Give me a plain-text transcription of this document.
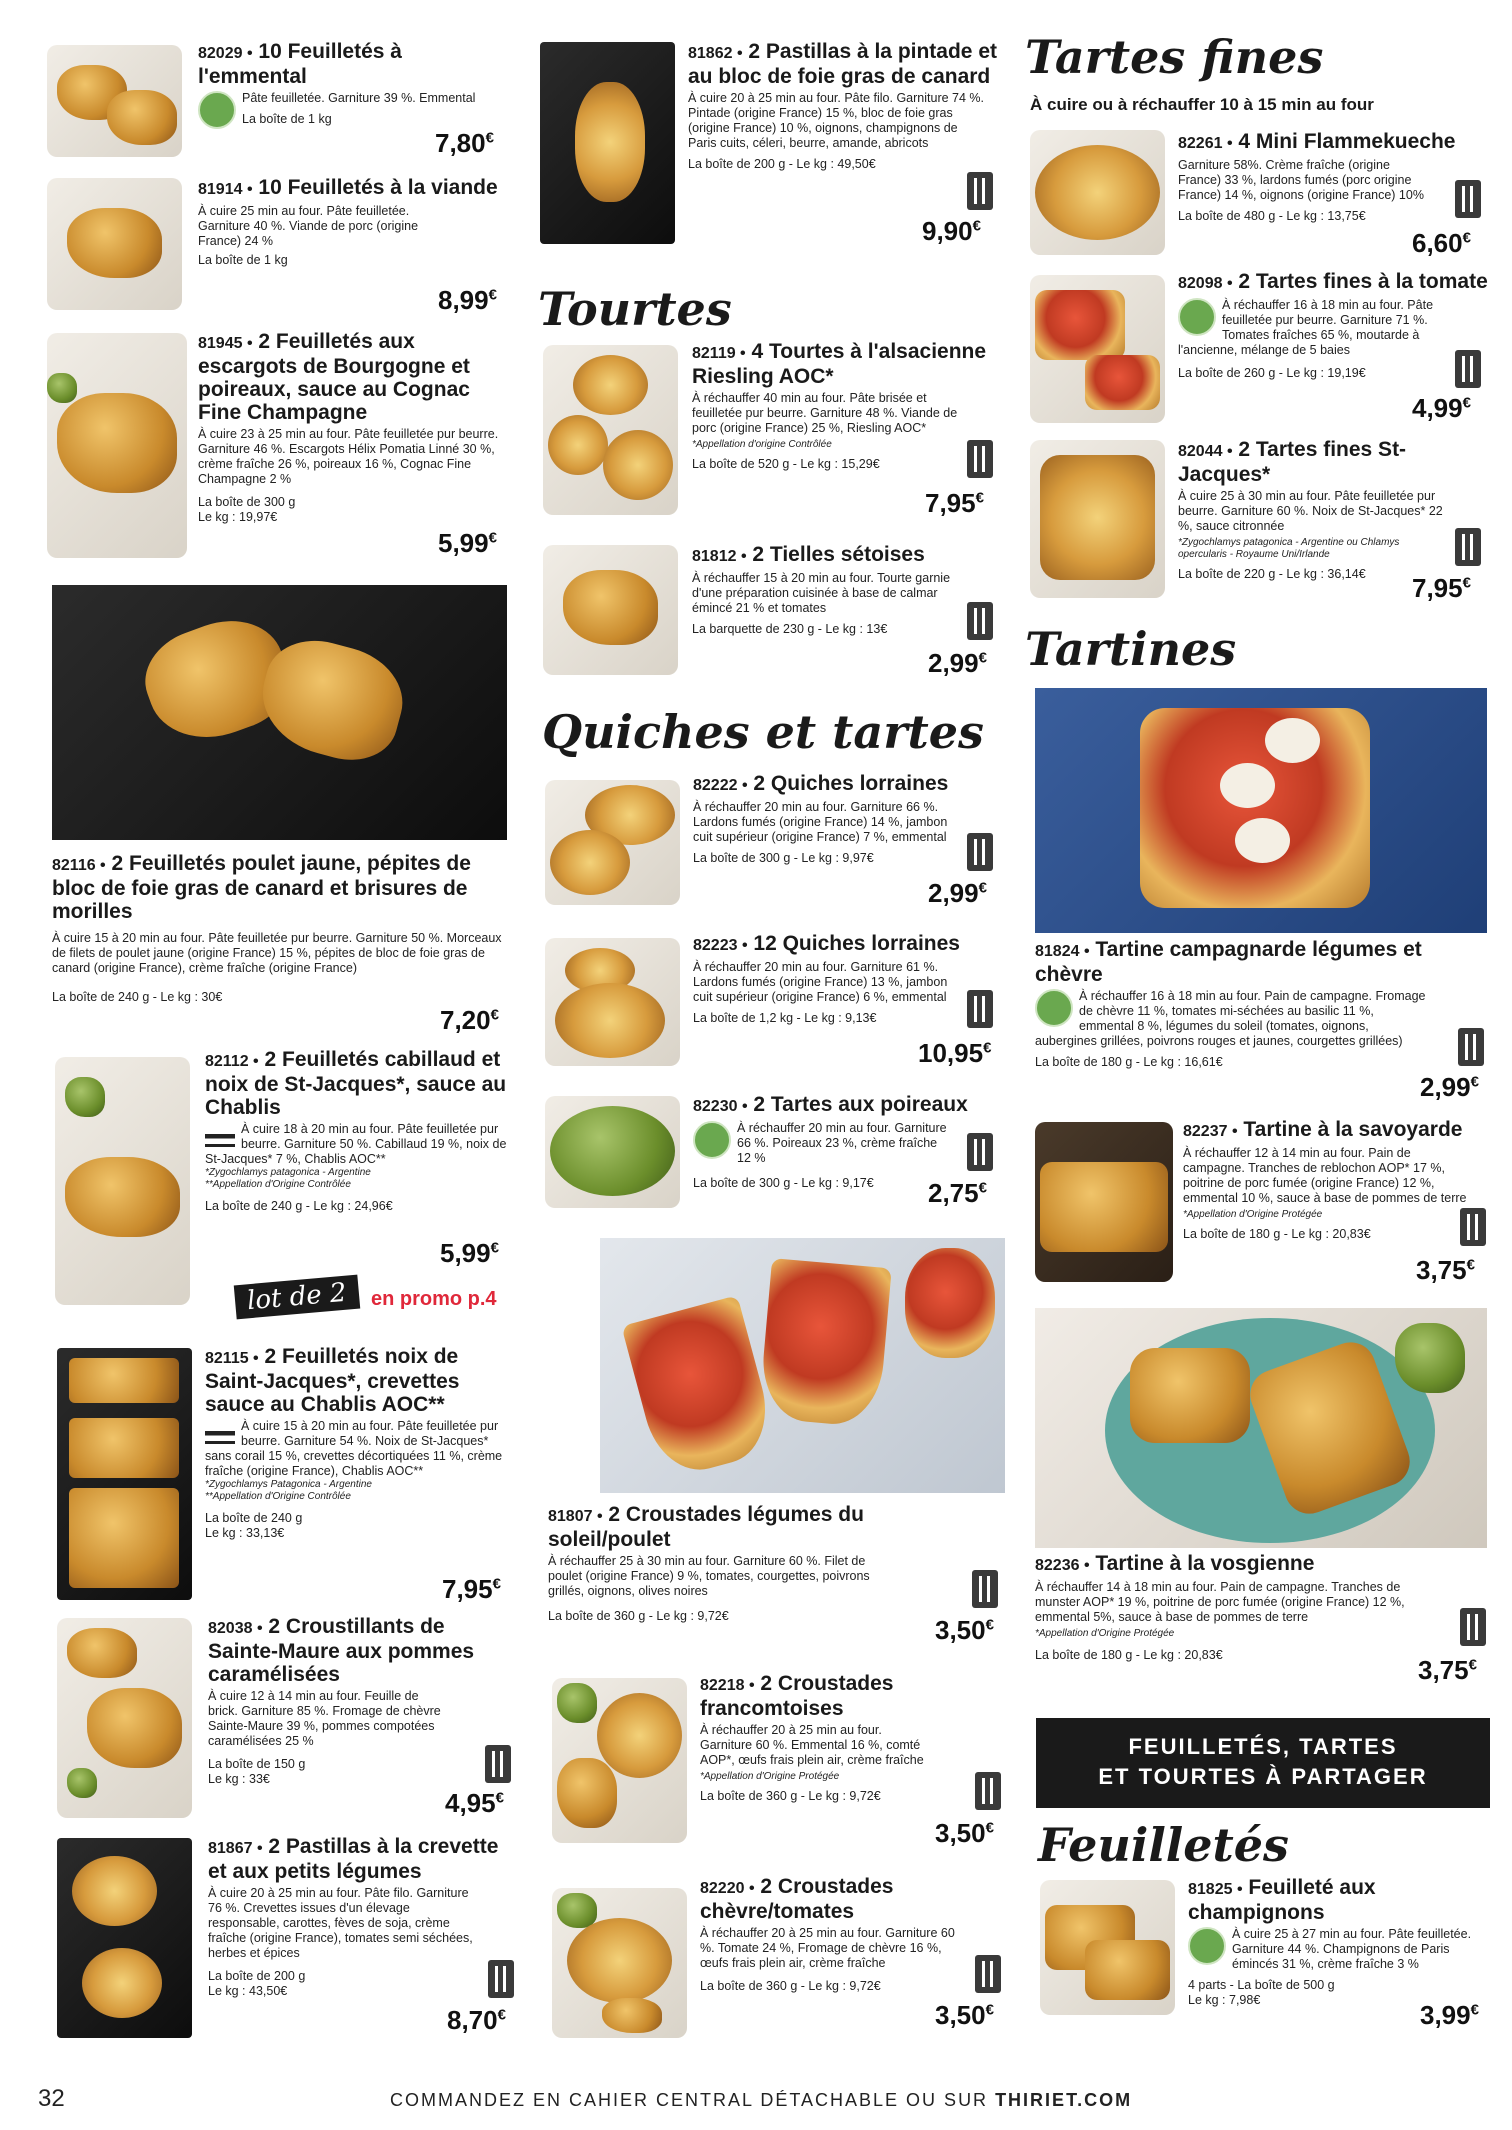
82029 • 10 Feuilletés à l'emmental

Pâte feuilletée. Garniture 39 %. Emmental
La boîte de 1 kg
7,80€

81914 • 10 Feuilletés à la viande

À cuire 25 min au four. Pâte feuilletée. Garniture 40 %. Viande de porc (origine France) 24 %
La boîte de 1 kg
8,99€

81945 • 2 Feuilletés aux escargots de Bourgogne et poireaux, sauce au Cognac Fine Champagne

À cuire 23 à 25 min au four. Pâte feuilletée pur beurre. Garniture 46 %. Escargots Hélix Pomatia Linné 30 %, crème fraîche 26 %, poireaux 16 %, Cognac Fine Champagne 2 %
La boîte de 300 g
Le kg : 19,97€
5,99€

82116 • 2 Feuilletés poulet jaune, pépites de bloc de foie gras de canard et brisures de morilles

À cuire 15 à 20 min au four. Pâte feuilletée pur beurre. Garniture 50 %. Morceaux de filets de poulet jaune (origine France) 15 %, pépites de bloc de foie gras de canard (origine France), crème fraîche (origine France)
La boîte de 240 g - Le kg : 30€
7,20€

82112 • 2 Feuilletés cabillaud et noix de St-Jacques*, sauce au Chablis

À cuire 18 à 20 min au four. Pâte feuilletée pur beurre. Garniture 50 %. Cabillaud 19 %, noix de St-Jacques* 7 %, Chablis AOC**
*Zygochlamys patagonica - Argentine
**Appellation d'Origine Contrôlée
La boîte de 240 g - Le kg : 24,96€
5,99€
lot de 2 en promo p.4

82115 • 2 Feuilletés noix de Saint-Jacques*, crevettes sauce au Chablis AOC**

À cuire 15 à 20 min au four. Pâte feuilletée pur beurre. Garniture 54 %. Noix de St-Jacques* sans corail 15 %, crevettes décortiquées 11 %, crème fraîche (origine France), Chablis AOC**
*Zygochlamys Patagonica - Argentine
**Appellation d'Origine Contrôlée
La boîte de 240 g
Le kg : 33,13€
7,95€

82038 • 2 Croustillants de Sainte-Maure aux pommes caramélisées

À cuire 12 à 14 min au four. Feuille de brick. Garniture 85 %. Fromage de chèvre Sainte-Maure 39 %, pommes compotées caramélisées 25 %
La boîte de 150 g
Le kg : 33€
4,95€

81867 • 2 Pastillas à la crevette et aux petits légumes

À cuire 20 à 25 min au four. Pâte filo. Garniture 76 %. Crevettes issues d'un élevage responsable, carottes, fèves de soja, crème fraîche (origine France), tomates semi séchées, herbes et épices
La boîte de 200 g
Le kg : 43,50€
8,70€

81862 • 2 Pastillas à la pintade et au bloc de foie gras de canard

À cuire 20 à 25 min au four. Pâte filo. Garniture 74 %. Pintade (origine France) 15 %, bloc de foie gras (origine France) 10 %, oignons, champignons de Paris cuits, céleri, beurre, amande, abricots
La boîte de 200 g - Le kg : 49,50€
9,90€
Tourtes

82119 • 4 Tourtes à l'alsacienne Riesling AOC*

À réchauffer 40 min au four. Pâte brisée et feuilletée pur beurre. Garniture 48 %. Viande de porc (origine France) 25 %, Riesling AOC*
*Appellation d'origine Contrôlée
La boîte de 520 g - Le kg : 15,29€
7,95€

81812 • 2 Tielles sétoises

À réchauffer 15 à 20 min au four. Tourte garnie d'une préparation cuisinée à base de calmar émincé 21 % et tomates
La barquette de 230 g - Le kg : 13€
2,99€
Quiches et tartes

82222 • 2 Quiches lorraines

À réchauffer 20 min au four. Garniture 66 %. Lardons fumés (origine France) 14 %, jambon cuit supérieur (origine France) 7 %, emmental
La boîte de 300 g - Le kg : 9,97€
2,99€

82223 • 12 Quiches lorraines

À réchauffer 20 min au four. Garniture 61 %. Lardons fumés (origine France) 13 %, jambon cuit supérieur (origine France) 6 %, emmental
La boîte de 1,2 kg - Le kg : 9,13€
10,95€

82230 • 2 Tartes aux poireaux

À réchauffer 20 min au four. Garniture 66 %. Poireaux 23 %, crème fraîche 12 %
La boîte de 300 g - Le kg : 9,17€	2,75€

81807 • 2 Croustades légumes du soleil/poulet

À réchauffer 25 à 30 min au four. Garniture 60 %. Filet de poulet (origine France) 9 %, tomates, courgettes, poivrons grillés, oignons, olives noires
La boîte de 360 g - Le kg : 9,72€	3,50€

82218 • 2 Croustades francomtoises

À réchauffer 20 à 25 min au four. Garniture 60 %. Emmental 16 %, comté AOP*, œufs frais plein air, crème fraîche
*Appellation d'Origine Protégée
La boîte de 360 g - Le kg : 9,72€
3,50€

82220 • 2 Croustades chèvre/tomates

À réchauffer 20 à 25 min au four. Garniture 60 %. Tomate 24 %, Fromage de chèvre 16 %, œufs frais plein air, crème fraîche
La boîte de 360 g - Le kg : 9,72€
3,50€
Tartes fines
À cuire ou à réchauffer 10 à 15 min au four

82261 • 4 Mini Flammekueche

Garniture 58%. Crème fraîche (origine France) 33 %, lardons fumés (porc origine France) 14 %, oignons (origine France) 10%
La boîte de 480 g - Le kg : 13,75€
6,60€

82098 • 2 Tartes fines à la tomate

À réchauffer 16 à 18 min au four. Pâte feuilletée pur beurre. Garniture 71 %. Tomates fraîches 65 %, moutarde à l'ancienne, mélange de 5 baies
La boîte de 260 g - Le kg : 19,19€
4,99€

82044 • 2 Tartes fines St-Jacques*

À cuire 25 à 30 min au four. Pâte feuilletée pur beurre. Garniture 60 %. Noix de St-Jacques* 22 %, sauce citronnée
*Zygochlamys patagonica - Argentine ou Chlamys opercularis - Royaume Uni/Irlande
La boîte de 220 g - Le kg : 36,14€	7,95€
Tartines

81824 • Tartine campagnarde légumes et chèvre

À réchauffer 16 à 18 min au four. Pain de campagne. Fromage de chèvre 11 %, tomates mi-séchées au basilic 11 %, emmental 8 %, légumes du soleil (tomates, oignons, aubergines grillées, poivrons rouges et jaunes, courgettes grillées)
La boîte de 180 g - Le kg : 16,61€
2,99€

82237 • Tartine à la savoyarde

À réchauffer 12 à 14 min au four. Pain de campagne. Tranches de reblochon AOP* 17 %, poitrine de porc fumée (origine France) 12 %, emmental 10 %, sauce à base de pommes de terre
*Appellation d'Origine Protégée
La boîte de 180 g - Le kg : 20,83€
3,75€

82236 • Tartine à la vosgienne

À réchauffer 14 à 18 min au four. Pain de campagne. Tranches de munster AOP* 19 %, poitrine de porc fumée (origine France) 12 %, emmental 5%, sauce à base de pommes de terre
*Appellation d'Origine Protégée
La boîte de 180 g - Le kg : 20,83€	3,75€
FEUILLETÉS, TARTES
ET TOURTES À PARTAGER
Feuilletés

81825 • Feuilleté aux champignons

À cuire 25 à 27 min au four. Pâte feuilletée. Garniture 44 %. Champignons de Paris émincés 31 %, crème fraîche 3 %
4 parts - La boîte de 500 g
Le kg : 7,98€	3,99€
32	COMMANDEZ EN CAHIER CENTRAL DÉTACHABLE OU SUR THIRIET.COM
